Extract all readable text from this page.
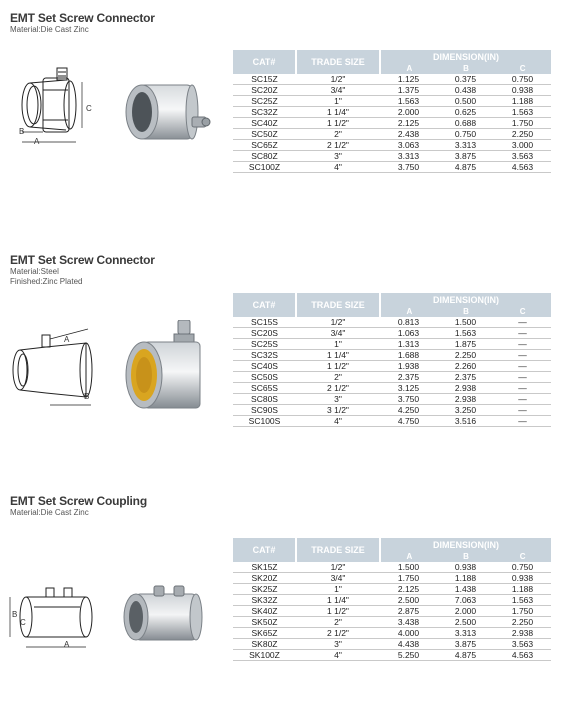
EMT Set Screw Connector
Material:Die Cast Zinc
A
B
C
CAT#	TRADE SIZE	DIMENSION(IN)
A B C

SC15Z	1/2"	1.125 0.375 0.750

SC20Z	3/4"	1.375 0.438 0.938

SC25Z	1"	1.563 0.500 1.188

SC32Z	1 1/4"	2.000 0.625 1.563

SC40Z	1 1/2"	2.125 0.688 1.750

SC50Z	2"	2.438 0.750 2.250

SC65Z	2 1/2"	3.063 3.313 3.000

SC80Z	3"	3.313 3.875 3.563

SC100Z	4"	3.750 4.875 4.563
EMT Set Screw Connector
Material:Steel
Finished:Zinc Plated
A
B
CAT#	TRADE SIZE	DIMENSION(IN)
A B C

SC15S	1/2"	0.813 1.500 —

SC20S	3/4"	1.063 1.563 —

SC25S	1"	1.313 1.875 —

SC32S	1 1/4"	1.688 2.250 —

SC40S	1 1/2"	1.938 2.260 —

SC50S	2"	2.375 2.375 —

SC65S	2 1/2"	3.125 2.938 —

SC80S	3"	3.750 2.938 —

SC90S	3 1/2"	4.250 3.250 —

SC100S	4"	4.750 3.516 —
EMT Set Screw Coupling
Material:Die Cast Zinc
A
B
C
CAT#	TRADE SIZE	DIMENSION(IN)
A B C

SK15Z	1/2"	1.500 0.938 0.750

SK20Z	3/4"	1.750 1.188 0.938

SK25Z	1"	2.125 1.438 1.188

SK32Z	1 1/4"	2.500 7.063 1.563

SK40Z	1 1/2"	2.875 2.000 1.750

SK50Z	2"	3.438 2.500 2.250

SK65Z	2 1/2"	4.000 3.313 2.938

SK80Z	3"	4.438 3.875 3.563

SK100Z	4"	5.250 4.875 4.563
